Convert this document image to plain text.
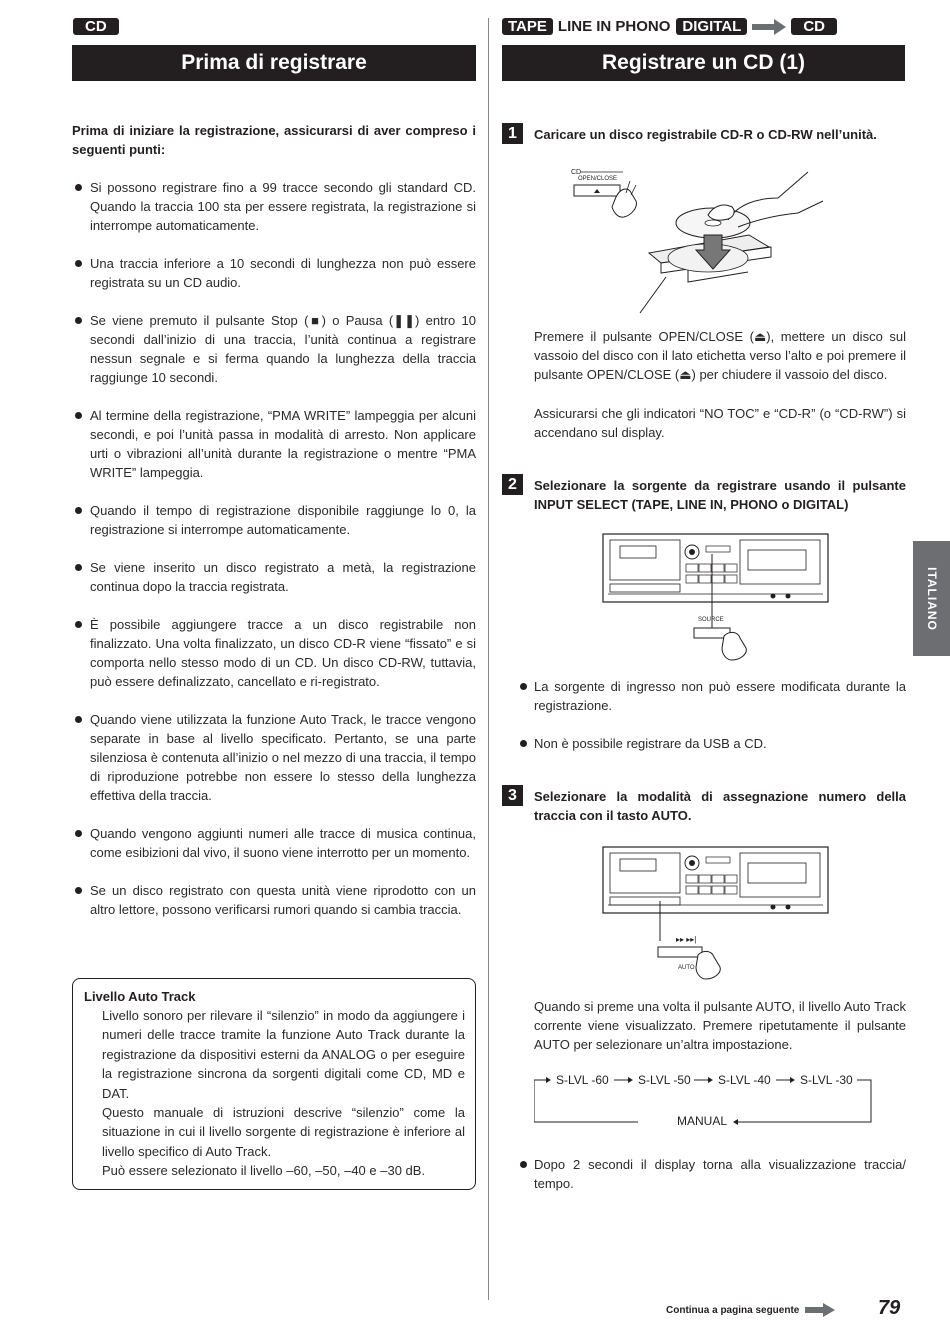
CD
Prima di registrare
Prima di iniziare la registrazione, assicurarsi di aver compreso i seguenti punti:
Si possono registrare fino a 99 tracce secondo gli standard CD. Quando la traccia 100 sta per essere registrata, la registrazione si interrompe automaticamente.
Una traccia inferiore a 10 secondi di lunghezza non può essere registrata su un CD audio.
Se viene premuto il pulsante Stop (■) o Pausa (❚❚) entro 10 secondi dall’inizio di una traccia, l’unità continua a registrare nessun segnale e si ferma quando la lunghezza della traccia raggiunge 10 secondi.
Al termine della registrazione, “PMA WRITE” lampeggia per alcuni secondi, e poi l’unità passa in modalità di arresto. Non applicare urti o vibrazioni all’unità durante la registrazione o mentre “PMA WRITE” lampeggia.
Quando il tempo di registrazione disponibile raggiunge lo 0, la registrazione si interrompe automaticamente.
Se viene inserito un disco registrato a metà, la registrazione continua dopo la traccia registrata.
È possibile aggiungere tracce a un disco registrabile non finalizzato. Una volta finalizzato, un disco CD-R viene “fissato” e si comporta nello stesso modo di un CD. Un disco CD-RW, tuttavia, può essere definalizzato, cancellato e ri-registrato.
Quando viene utilizzata la funzione Auto Track, le tracce vengono separate in base al livello specificato. Pertanto, se una parte silenziosa è contenuta all’inizio o nel mezzo di una traccia, il tempo di riproduzione potrebbe non essere lo stesso della lunghezza effettiva della traccia.
Quando vengono aggiunti numeri alle tracce di musica continua, come esibizioni dal vivo, il suono viene interrotto per un momento.
Se un disco registrato con questa unità viene riprodotto con un altro lettore, possono verificarsi rumori quando si cambia traccia.
Livello Auto Track
Livello sonoro per rilevare il “silenzio” in modo da aggiungere i numeri delle tracce tramite la funzione Auto Track durante la registrazione da dispositivi esterni da ANALOG o per eseguire la registrazione sincrona da sorgenti digitali come CD, MD e DAT.
Questo manuale di istruzioni descrive “silenzio” come la situazione in cui il livello sorgente di registrazione è inferiore al livello specifico di Auto Track.
Può essere selezionato il livello –60, –50, –40 e –30 dB.
TAPE LINE IN PHONO DIGITAL	CD
Registrare un CD (1)
1	Caricare un disco registrabile CD-R o CD-RW nell’unità.
CD
OPEN/CLOSE
Premere il pulsante OPEN/CLOSE (⏏), mettere un disco sul vassoio del disco con il lato etichetta verso l’alto e poi premere il pulsante OPEN/CLOSE (⏏) per chiudere il vassoio del disco.
Assicurarsi che gli indicatori “NO TOC” e “CD-R” (o “CD-RW”) si accendano sul display.
2	Selezionare la sorgente da registrare usando il pulsante INPUT SELECT (TAPE, LINE IN, PHONO o DIGITAL)
SOURCE
La sorgente di ingresso non può essere modificata durante la registrazione.
Non è possibile registrare da USB a CD.
3	Selezionare la modalità di assegnazione numero della traccia con il tasto AUTO.
▸▸ ▸▸|
AUTO
Quando si preme una volta il pulsante AUTO, il livello Auto Track corrente viene visualizzato. Premere ripetutamente il pulsante AUTO per selezionare un’altra impostazione.
S-LVL -60 S-LVL -50 S-LVL -40 S-LVL -30
MANUAL
Dopo 2 secondi il display torna alla visualizzazione traccia/ tempo.
ITALIANO
Continua a pagina seguente	79
